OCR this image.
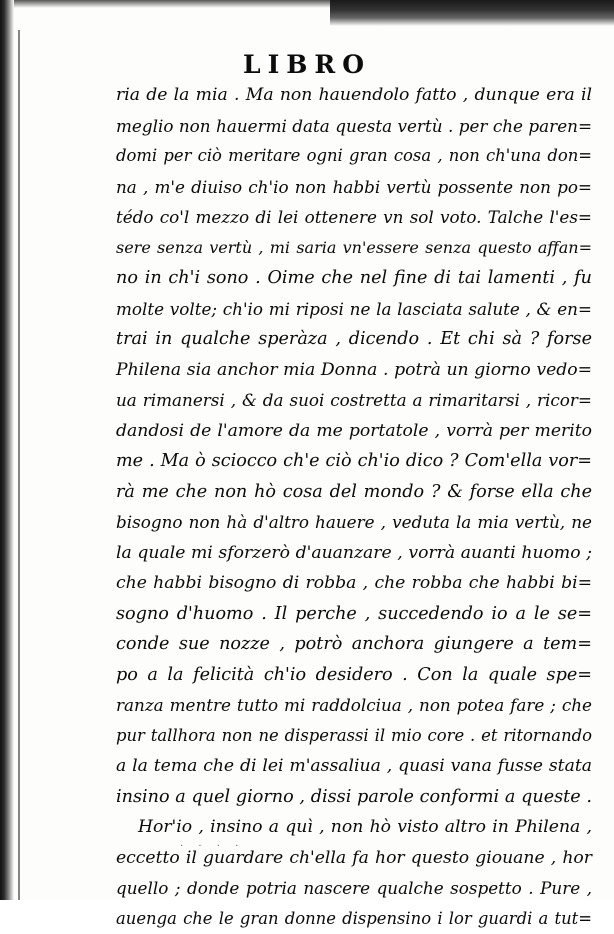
LIBRO
ria de la mia . Ma non hauendolo fatto , dunque era il
meglio non hauermi data questa vertù . per che paren=
domi per ciò meritare ogni gran cosa , non ch'una don=
na , m'e diuiso ch'io non habbi vertù possente non po=
tédo co'l mezzo di lei ottenere vn sol voto. Talche l'es=
sere senza vertù , mi saria vn'essere senza questo affan=
no in ch'i sono . Oime che nel fine di tai lamenti , fu
molte volte; ch'io mi riposi ne la lasciata salute , & en=
trai in qualche speràza , dicendo . Et chi sà ? forse
Philena sia anchor mia Donna . potrà un giorno vedo=
ua rimanersi , & da suoi costretta a rimaritarsi , ricor=
dandosi de l'amore da me portatole , vorrà per merito
me . Ma ò sciocco ch'e ciò ch'io dico ? Com'ella vor=
rà me che non hò cosa del mondo ? & forse ella che
bisogno non hà d'altro hauere , veduta la mia vertù, ne
la quale mi sforzerò d'auanzare , vorrà auanti huomo ;
che habbi bisogno di robba , che robba che habbi bi=
sogno d'huomo . Il perche , succedendo io a le se=
conde sue nozze , potrò anchora giungere a tem=
po a la felicità ch'io desidero . Con la quale spe=
ranza mentre tutto mi raddolciua , non potea fare ; che
pur tallhora non ne disperassi il mio core . et ritornando
a la tema che di lei m'assaliua , quasi vana fusse stata
insino a quel giorno , dissi parole conformi a queste .
Hor'io , insino a quì , non hò visto altro in Philena ,
eccetto il guardare ch'ella fa hor questo giouane , hor
quello ; donde potria nascere qualche sospetto . Pure ,
auenga che le gran donne dispensino i lor guardi a tut=
. . . .
